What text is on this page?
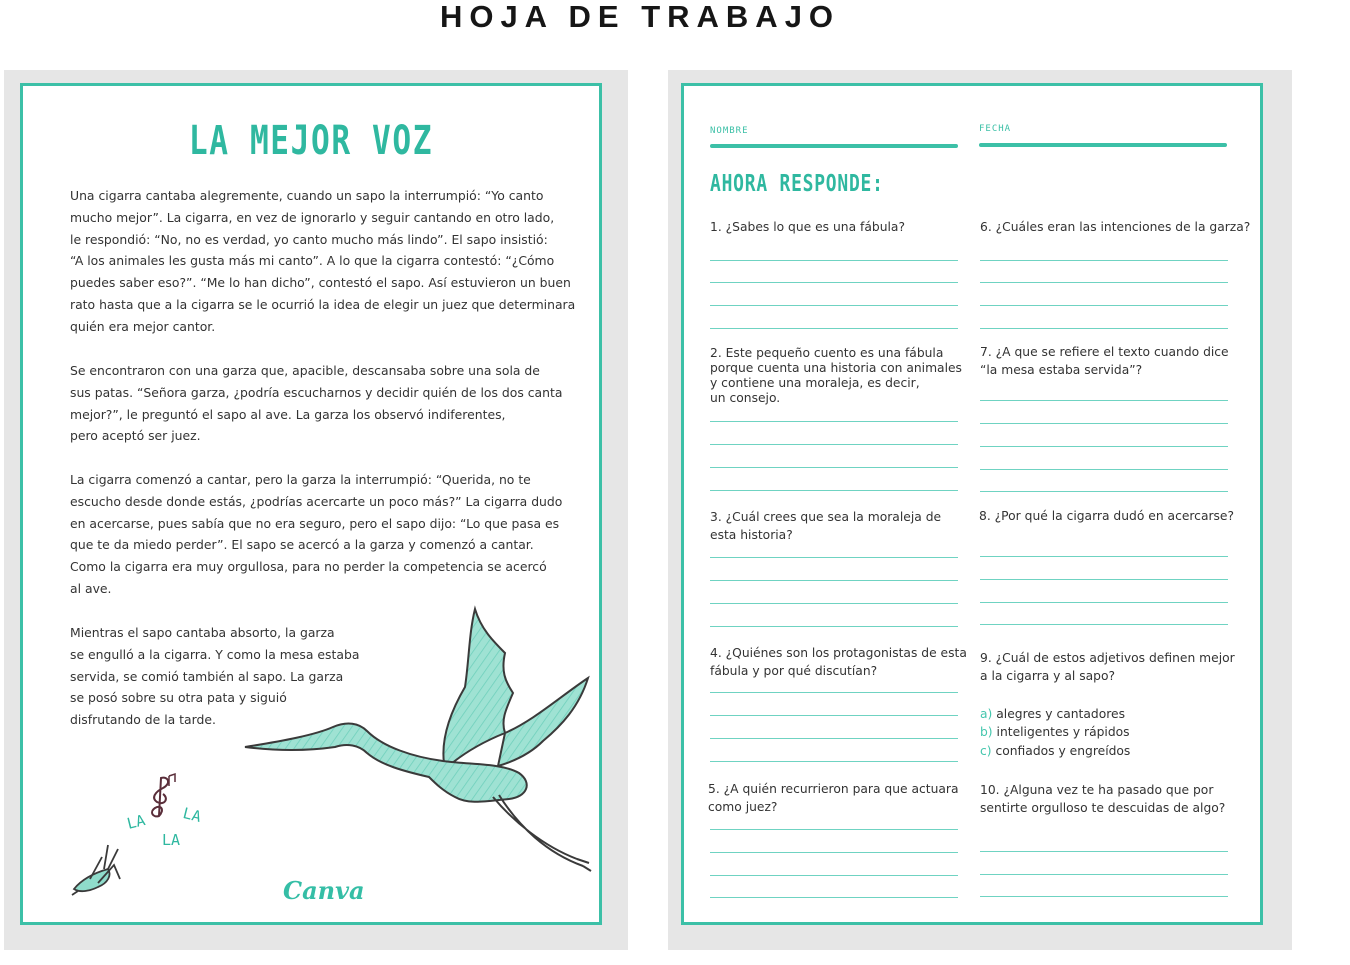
HOJA DE TRABAJO
LA MEJOR VOZ

Una cigarra cantaba alegremente, cuando un sapo la interrumpió: “Yo canto
mucho mejor”. La cigarra, en vez de ignorarlo y seguir cantando en otro lado,
le respondió: “No, no es verdad, yo canto mucho más lindo”. El sapo insistió:
“A los animales les gusta más mi canto”. A lo que la cigarra contestó: “¿Cómo
puedes saber eso?”. “Me lo han dicho”, contestó el sapo. Así estuvieron un buen
rato hasta que a la cigarra se le ocurrió la idea de elegir un juez que determinara
quién era mejor cantor.

Se encontraron con una garza que, apacible, descansaba sobre una sola de
sus patas. “Señora garza, ¿podría escucharnos y decidir quién de los dos canta
mejor?”, le preguntó el sapo al ave. La garza los observó indiferentes,
pero aceptó ser juez.

La cigarra comenzó a cantar, pero la garza la interrumpió: “Querida, no te
escucho desde donde estás, ¿podrías acercarte un poco más?” La cigarra dudo
en acercarse, pues sabía que no era seguro, pero el sapo dijo: “Lo que pasa es
que te da miedo perder”. El sapo se acercó a la garza y comenzó a cantar.
Como la cigarra era muy orgullosa, para no perder la competencia se acercó
al ave.

Mientras el sapo cantaba absorto, la garza
se engulló a la cigarra. Y como la mesa estaba
servida, se comió también al sapo. La garza
se posó sobre su otra pata y siguió
disfrutando de la tarde.

LA LA
LA
Canva
NOMBRE	FECHA
AHORA RESPONDE:

1. ¿Sabes lo que es una fábula?

2. Este pequeño cuento es una fábula
porque cuenta una historia con animales
y contiene una moraleja, es decir,
un consejo.

3. ¿Cuál crees que sea la moraleja de
esta historia?

4. ¿Quiénes son los protagonistas de esta
fábula y por qué discutían?

5. ¿A quién recurrieron para que actuara
como juez?

6. ¿Cuáles eran las intenciones de la garza?

7. ¿A que se refiere el texto cuando dice
“la mesa estaba servida”?

8. ¿Por qué la cigarra dudó en acercarse?

9. ¿Cuál de estos adjetivos definen mejor
a la cigarra y al sapo?

a) alegres y cantadores
b) inteligentes y rápidos
c) confiados y engreídos

10. ¿Alguna vez te ha pasado que por
sentirte orgulloso te descuidas de algo?
